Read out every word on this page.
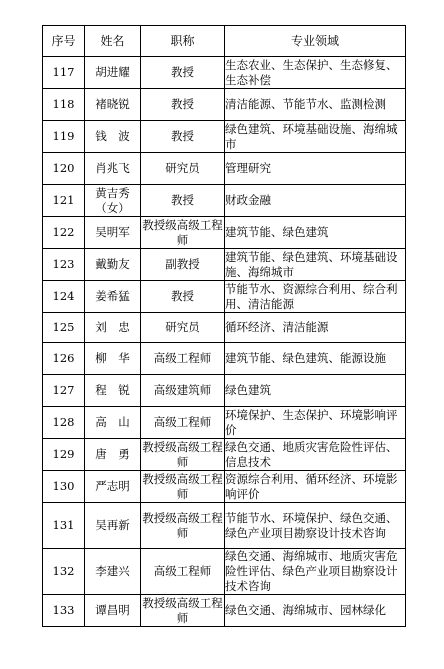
序号	姓名	职称	专业领域
117	胡进耀	教授	生态农业、生态保护、生态修复、生态补偿
118	褚晓锐	教授	清洁能源、节能节水、监测检测
119	钱　波	教授	绿色建筑、环境基础设施、海绵城市
120	肖兆飞	研究员	管理研究
121	黄吉秀（女）	教授	财政金融
122	吴明军	教授级高级工程师	建筑节能、绿色建筑
123	戴勤友	副教授	建筑节能、绿色建筑、环境基础设施、海绵城市
124	姜希猛	教授	节能节水、资源综合利用、综合利用、清洁能源
125	刘　忠	研究员	循环经济、清洁能源
126	柳　华	高级工程师	建筑节能、绿色建筑、能源设施
127	程　锐	高级建筑师	绿色建筑
128	高　山	高级工程师	环境保护、生态保护、环境影响评价
129	唐　勇	教授级高级工程师	绿色交通、地质灾害危险性评估、信息技术
130	严志明	教授级高级工程师	资源综合利用、循环经济、环境影响评价
131	吴再新	教授级高级工程师	节能节水、环境保护、绿色交通、绿色产业项目勘察设计技术咨询
132	李建兴	高级工程师	绿色交通、海绵城市、地质灾害危险性评估、绿色产业项目勘察设计技术咨询
133	谭昌明	教授级高级工程师	绿色交通、海绵城市、园林绿化
